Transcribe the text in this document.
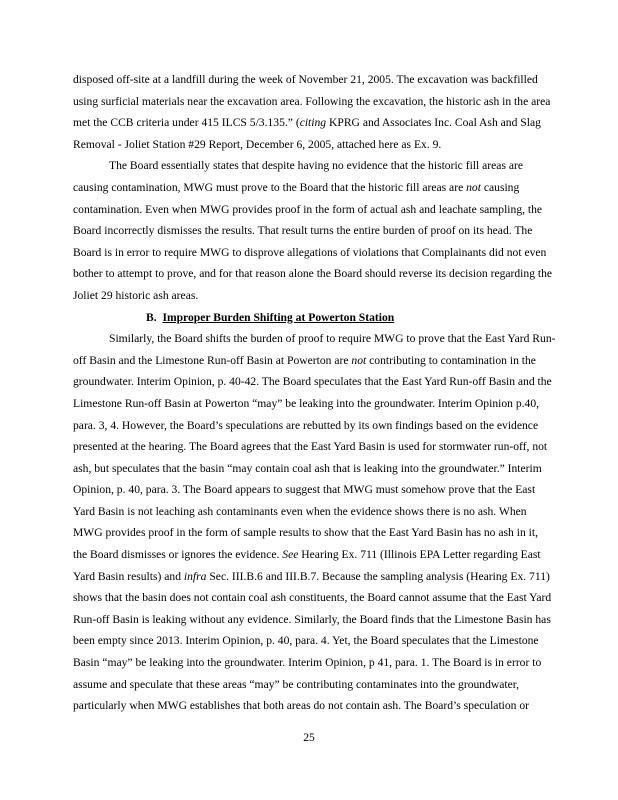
disposed off-site at a landfill during the week of November 21, 2005. The excavation was backfilled
using surficial materials near the excavation area. Following the excavation, the historic ash in the area
met the CCB criteria under 415 ILCS 5/3.135.” (citing KPRG and Associates Inc. Coal Ash and Slag
Removal - Joliet Station #29 Report, December 6, 2005, attached here as Ex. 9.
The Board essentially states that despite having no evidence that the historic fill areas are
causing contamination, MWG must prove to the Board that the historic fill areas are not causing
contamination. Even when MWG provides proof in the form of actual ash and leachate sampling, the
Board incorrectly dismisses the results. That result turns the entire burden of proof on its head. The
Board is in error to require MWG to disprove allegations of violations that Complainants did not even
bother to attempt to prove, and for that reason alone the Board should reverse its decision regarding the
Joliet 29 historic ash areas.
B. Improper Burden Shifting at Powerton Station
Similarly, the Board shifts the burden of proof to require MWG to prove that the East Yard Run-
off Basin and the Limestone Run-off Basin at Powerton are not contributing to contamination in the
groundwater. Interim Opinion, p. 40-42. The Board speculates that the East Yard Run-off Basin and the
Limestone Run-off Basin at Powerton “may” be leaking into the groundwater. Interim Opinion p.40,
para. 3, 4. However, the Board’s speculations are rebutted by its own findings based on the evidence
presented at the hearing. The Board agrees that the East Yard Basin is used for stormwater run-off, not
ash, but speculates that the basin “may contain coal ash that is leaking into the groundwater.” Interim
Opinion, p. 40, para. 3. The Board appears to suggest that MWG must somehow prove that the East
Yard Basin is not leaching ash contaminants even when the evidence shows there is no ash. When
MWG provides proof in the form of sample results to show that the East Yard Basin has no ash in it,
the Board dismisses or ignores the evidence. See Hearing Ex. 711 (Illinois EPA Letter regarding East
Yard Basin results) and infra Sec. III.B.6 and III.B.7. Because the sampling analysis (Hearing Ex. 711)
shows that the basin does not contain coal ash constituents, the Board cannot assume that the East Yard
Run-off Basin is leaking without any evidence. Similarly, the Board finds that the Limestone Basin has
been empty since 2013. Interim Opinion, p. 40, para. 4. Yet, the Board speculates that the Limestone
Basin “may” be leaking into the groundwater. Interim Opinion, p 41, para. 1. The Board is in error to
assume and speculate that these areas “may” be contributing contaminates into the groundwater,
particularly when MWG establishes that both areas do not contain ash. The Board’s speculation or
25
